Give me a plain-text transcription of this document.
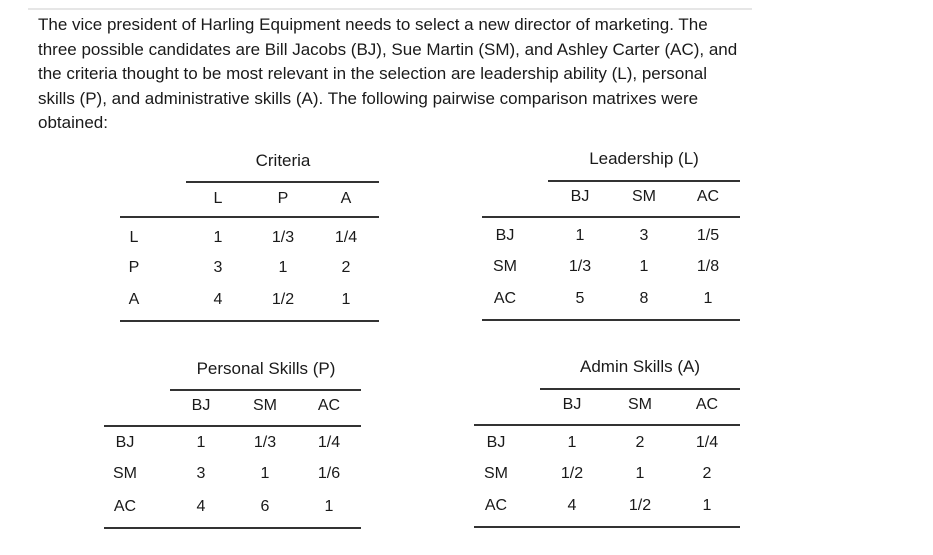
The vice president of Harling Equipment needs to select a new director of marketing. The three possible candidates are Bill Jacobs (BJ), Sue Martin (SM), and Ashley Carter (AC), and the criteria thought to be most relevant in the selection are leadership ability (L), personal skills (P), and administrative skills (A). The following pairwise comparison matrixes were obtained:

Criteria
L	P	A
L	1	1/3	1/4
P	3	1	2
A	4	1/2	1
Leadership (L)
BJ	SM	AC
BJ	1	3	1/5
SM	1/3	1	1/8
AC	5	8	1
Personal Skills (P)
BJ	SM	AC
BJ	1	1/3	1/4
SM	3	1	1/6
AC	4	6	1
Admin Skills (A)
BJ	SM	AC
BJ	1	2	1/4
SM	1/2	1	2
AC	4	1/2	1
